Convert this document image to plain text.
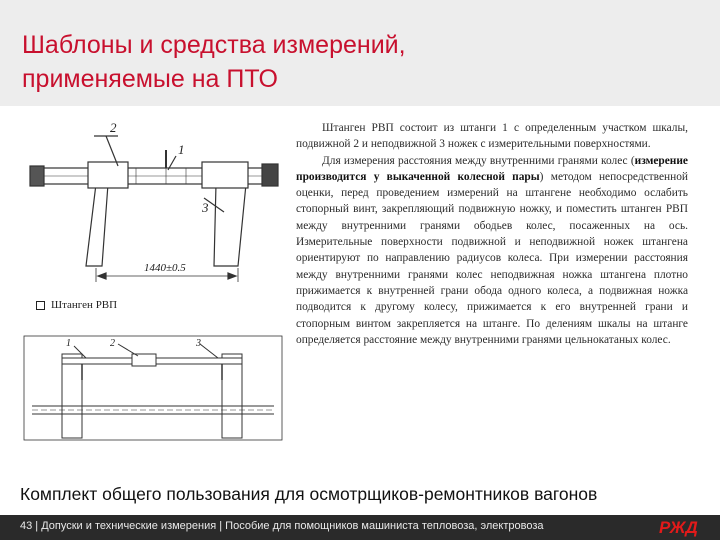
Шаблоны и средства измерений,
применяемые на ПТО
2
1
3
1440±0.5
Штанген РВП
1	2	3

Штанген РВП состоит из штанги 1 с определенным участком шкалы, подвижной 2 и неподвижной 3 ножек с измерительными поверхностями.

Для измерения расстояния между внутренними гранями колес (измерение производится у выкаченной колесной пары) методом непосредственной оценки, перед проведением измерений на штангене необходимо ослабить стопорный винт, закрепляющий подвижную ножку, и поместить штанген РВП между внутренними гранями ободьев колес, посаженных на ось. Измерительные поверхности подвижной и неподвижной ножек штангена ориентируют по направлению радиусов колеса. При измерении расстояния между внутренними гранями колес неподвижная ножка штангена плотно прижимается к внутренней грани обода одного колеса, а подвижная ножка подводится к другому колесу, прижимается к его внутренней грани и стопорным винтом закрепляется на штанге. По делениям шкалы на штанге определяется расстояние между внутренними гранями цельнокатаных колес.

Комплект общего пользования для осмотрщиков-ремонтников вагонов
43 | Допуски и технические измерения | Пособие для помощников машиниста тепловоза, электровоза	РЖД
